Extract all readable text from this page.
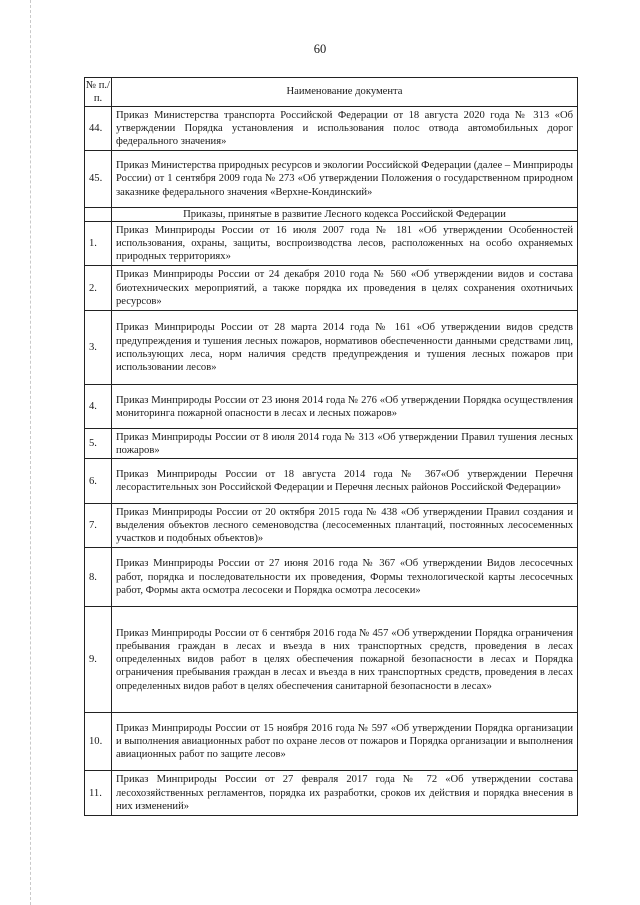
60
№ п./п.	Наименование документа
44.	Приказ Министерства транспорта Российской Федерации от 18 августа 2020 года № 313 «Об утверждении Порядка установления и использования полос отвода автомобильных дорог федерального значения»
45.	Приказ Министерства природных ресурсов и экологии Российской Федерации (далее – Минприроды России) от 1 сентября 2009 года № 273 «Об утверждении Положения о государственном природном заказнике федерального значения «Верхне-Кондинский»
	Приказы, принятые в развитие Лесного кодекса Российской Федерации
1.	Приказ Минприроды России от 16 июля 2007 года № 181 «Об утверждении Особенностей использования, охраны, защиты, воспроизводства лесов, расположенных на особо охраняемых природных территориях»
2.	Приказ Минприроды России от 24 декабря 2010 года № 560 «Об утверждении видов и состава биотехнических мероприятий, а также порядка их проведения в целях сохранения охотничьих ресурсов»
3.	Приказ Минприроды России от 28 марта 2014 года № 161 «Об утверждении видов средств предупреждения и тушения лесных пожаров, нормативов обеспеченности данными средствами лиц, использующих леса, норм наличия средств предупреждения и тушения лесных пожаров при использовании лесов»
4.	Приказ Минприроды России от 23 июня 2014 года № 276 «Об утверждении Порядка осуществления мониторинга пожарной опасности в лесах и лесных пожаров»
5.	Приказ Минприроды России от 8 июля 2014 года № 313 «Об утверждении Правил тушения лесных пожаров»
6.	Приказ Минприроды России от 18 августа 2014 года № 367«Об утверждении Перечня лесорастительных зон Российской Федерации и Перечня лесных районов Российской Федерации»
7.	Приказ Минприроды России от 20 октября 2015 года № 438 «Об утверждении Правил создания и выделения объектов лесного семеноводства (лесосеменных плантаций, постоянных лесосеменных участков и подобных объектов)»
8.	Приказ Минприроды России от 27 июня 2016 года № 367 «Об утверждении Видов лесосечных работ, порядка и последовательности их проведения, Формы технологической карты лесосечных работ, Формы акта осмотра лесосеки и Порядка осмотра лесосеки»
9.	Приказ Минприроды России от 6 сентября 2016 года № 457 «Об утверждении Порядка ограничения пребывания граждан в лесах и въезда в них транспортных средств, проведения в лесах определенных видов работ в целях обеспечения пожарной безопасности в лесах и Порядка ограничения пребывания граждан в лесах и въезда в них транспортных средств, проведения в лесах определенных видов работ в целях обеспечения санитарной безопасности в лесах»
10.	Приказ Минприроды России от 15 ноября 2016 года № 597 «Об утверждении Порядка организации и выполнения авиационных работ по охране лесов от пожаров и Порядка организации и выполнения авиационных работ по защите лесов»
11.	Приказ Минприроды России от 27 февраля 2017 года № 72 «Об утверждении состава лесохозяйственных регламентов, порядка их разработки, сроков их действия и порядка внесения в них изменений»
